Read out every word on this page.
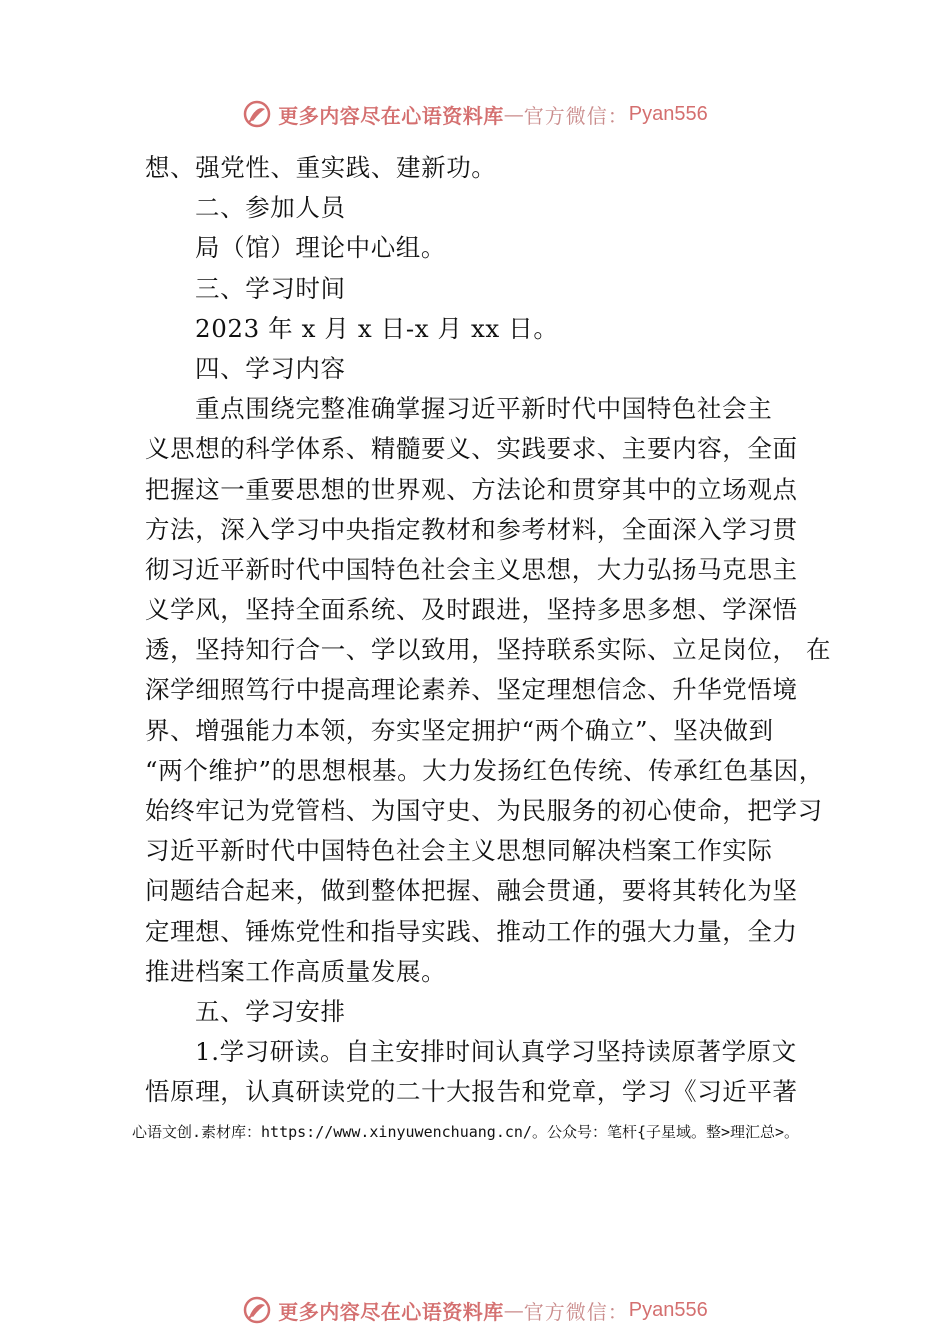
更多内容尽在心语资料库 — 官方微信： Pyan556
想、强党性、重实践、建新功。
二、参加人员
局（馆）理论中心组。
三、学习时间
2023 年 x 月 x 日-x 月 xx 日。
四、学习内容
重点围绕完整准确掌握习近平新时代中国特色社会主
义思想的科学体系、精髓要义、实践要求、主要内容，全面
把握这一重要思想的世界观、方法论和贯穿其中的立场观点
方法，深入学习中央指定教材和参考材料，全面深入学习贯
彻习近平新时代中国特色社会主义思想，大力弘扬马克思主
义学风，坚持全面系统、及时跟进，坚持多思多想、学深悟
透，坚持知行合一、学以致用，坚持联系实际、立足岗位， 在
深学细照笃行中提高理论素养、坚定理想信念、升华党悟境
界、增强能力本领，夯实坚定拥护“两个确立”、坚决做到
“两个维护”的思想根基。大力发扬红色传统、传承红色基因，
始终牢记为党管档、为国守史、为民服务的初心使命，把学习
习近平新时代中国特色社会主义思想同解决档案工作实际
问题结合起来，做到整体把握、融会贯通，要将其转化为坚
定理想、锤炼党性和指导实践、推动工作的强大力量，全力
推进档案工作高质量发展。
五、学习安排
1.学习研读。自主安排时间认真学习坚持读原著学原文
悟原理，认真研读党的二十大报告和党章，学习《习近平著
心语文创.素材库：https://www.xinyuwenchuang.cn/。公众号：笔杆{子星域。整>理汇总>。
更多内容尽在心语资料库 — 官方微信： Pyan556
